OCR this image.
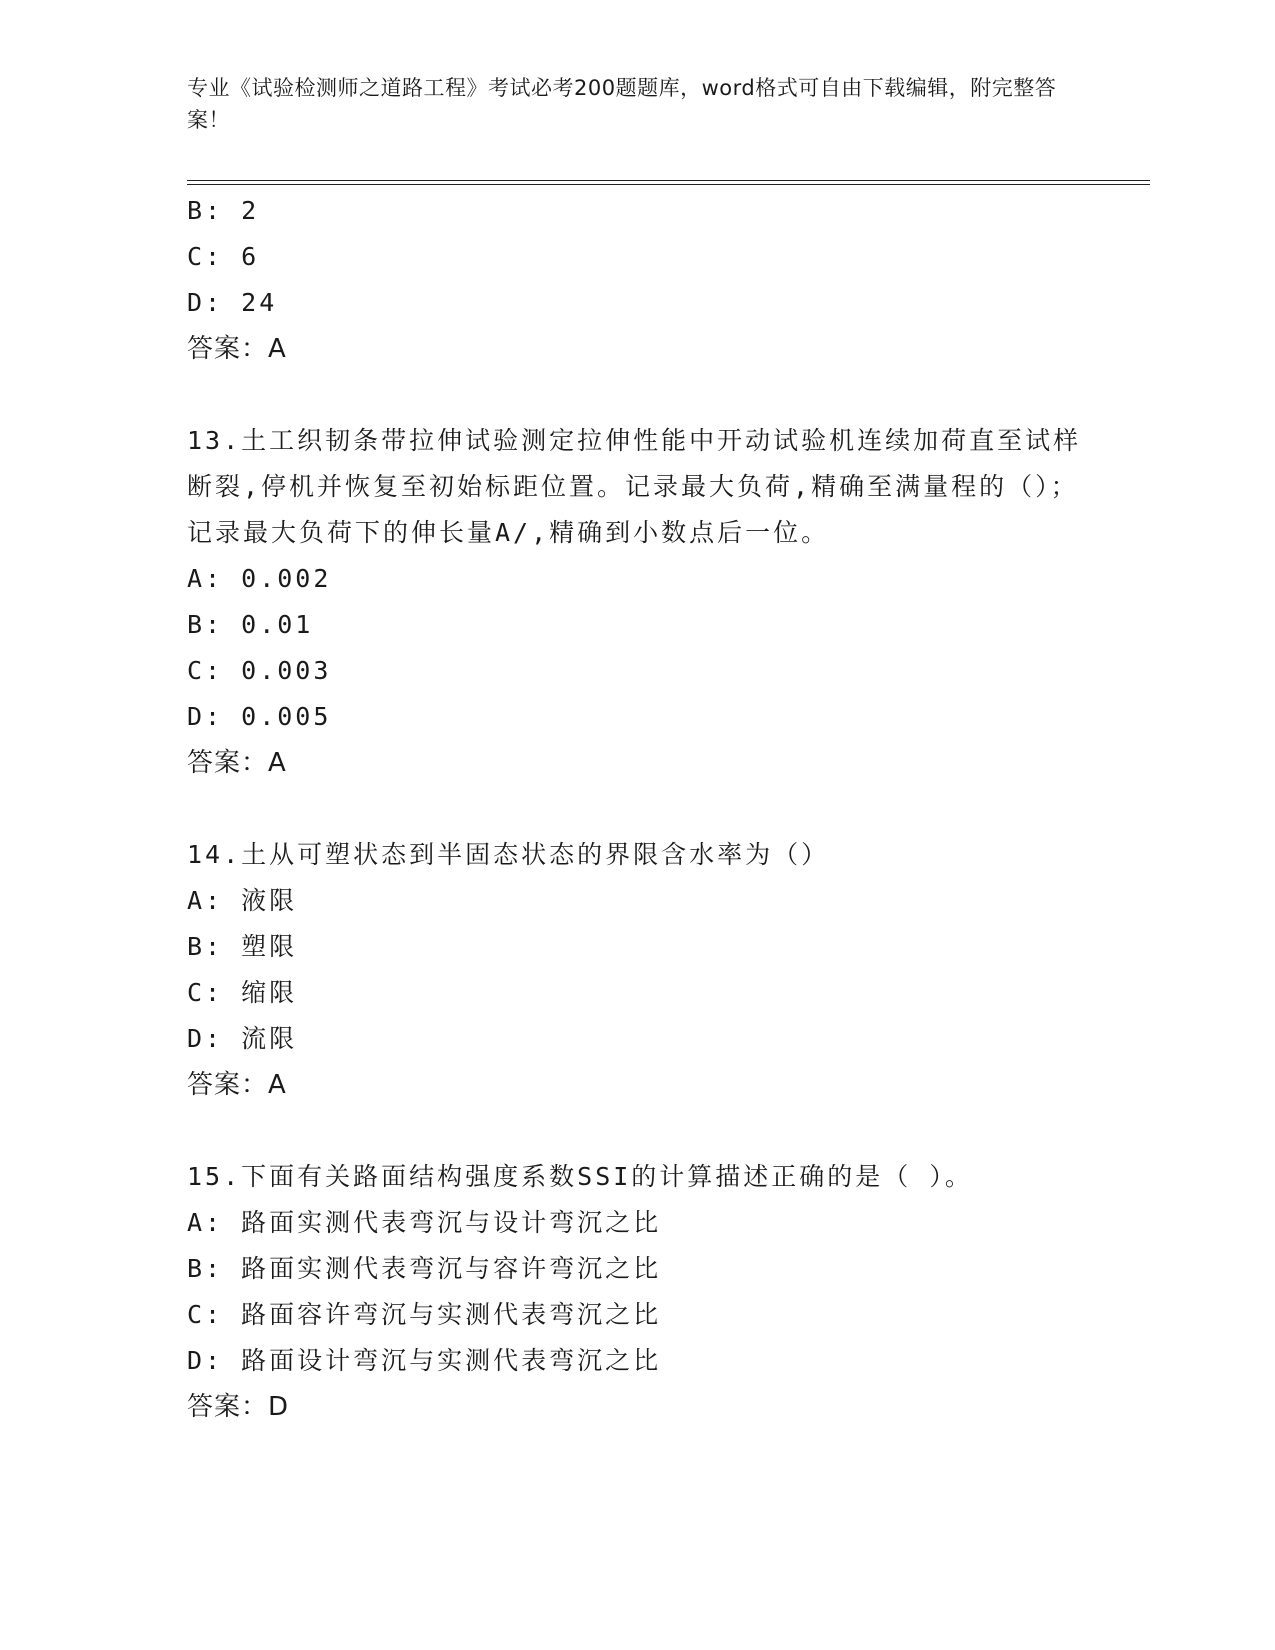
专业《试验检测师之道路工程》考试必考200题题库，word格式可自由下载编辑，附完整答案！
B: 2
C: 6
D: 24
答案：A
13.土工织韧条带拉伸试验测定拉伸性能中开动试验机连续加荷直至试样断裂,停机并恢复至初始标距位置。记录最大负荷,精确至满量程的（）；记录最大负荷下的伸长量A/,精确到小数点后一位。
A: 0.002
B: 0.01
C: 0.003
D: 0.005
答案：A
14.土从可塑状态到半固态状态的界限含水率为（）
A: 液限
B: 塑限
C: 缩限
D: 流限
答案：A
15.下面有关路面结构强度系数SSI的计算描述正确的是（ ）。
A: 路面实测代表弯沉与设计弯沉之比
B: 路面实测代表弯沉与容许弯沉之比
C: 路面容许弯沉与实测代表弯沉之比
D: 路面设计弯沉与实测代表弯沉之比
答案：D
